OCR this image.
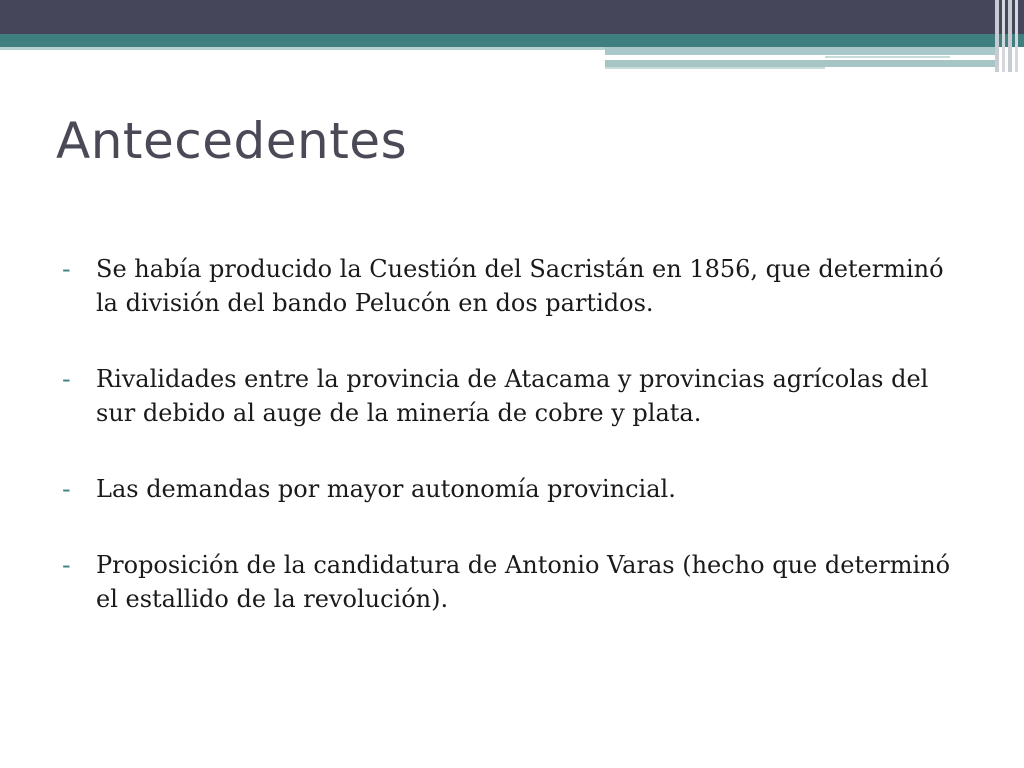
Antecedentes
-	Se había producido la Cuestión del Sacristán en 1856, que determinó la división del bando Pelucón en dos partidos.
-	Rivalidades entre la provincia de Atacama y provincias agrícolas del sur debido al auge de la minería de cobre y plata.
-	Las demandas por mayor autonomía provincial.
-	Proposición de la candidatura de Antonio Varas (hecho que determinó el estallido de la revolución).
